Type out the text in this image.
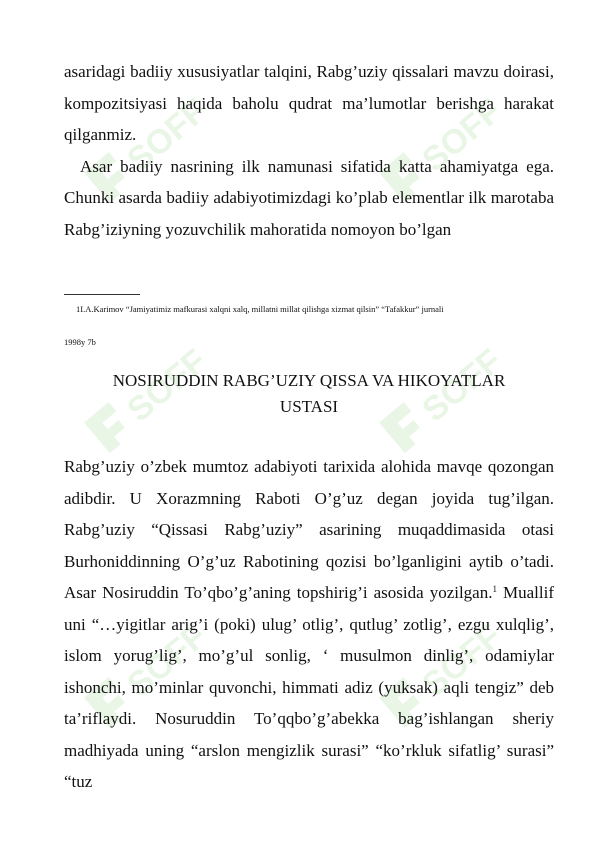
SOFF	SOFF
SOFF	SOFF
SOFF	SOFF

asaridagi badiiy xususiyatlar talqini, Rabg’uziy qissalari mavzu doirasi, kompozitsiyasi haqida baholu qudrat ma’lumotlar berishga harakat qilganmiz.

Asar badiiy nasrining ilk namunasi sifatida katta ahamiyatga ega. Chunki asarda badiiy adabiyotimizdagi ko’plab elementlar ilk marotaba Rabg’iziyning yozuvchilik mahoratida nomoyon bo’lgan

1I.A.Karimov “Jamiyatimiz mafkurasi xalqni xalq, millatni millat qilishga xizmat qilsin” “Tafakkur” jurnali
1998y 7b
NOSIRUDDIN RABG’UZIY QISSA VA HIKOYATLAR
USTASI

Rabg’uziy o’zbek mumtoz adabiyoti tarixida alohida mavqe qozongan adibdir. U Xorazmning Raboti O’g’uz degan joyida tug’ilgan. Rabg’uziy “Qissasi Rabg’uziy” asarining muqaddimasida otasi Burhoniddinning O’g’uz Rabotining qozisi bo’lganligini aytib o’tadi. Asar Nosiruddin To’qbo’g’aning topshirig’i asosida yozilgan.$^1$ Muallif uni “…yigitlar arig’i (poki) ulug’ otlig’, qutlug’ zotlig’, ezgu xulqlig’, islom yorug’lig’, mo’g’ul sonlig, ‘ musulmon dinlig’, odamiylar ishonchi, mo’minlar quvonchi, himmati adiz (yuksak) aqli tengiz” deb ta’riflaydi. Nosuruddin To’qqbo’g’abekka bag’ishlangan sheriy madhiyada uning “arslon mengizlik surasi” “ko’rkluk sifatlig’ surasi” “tuz
